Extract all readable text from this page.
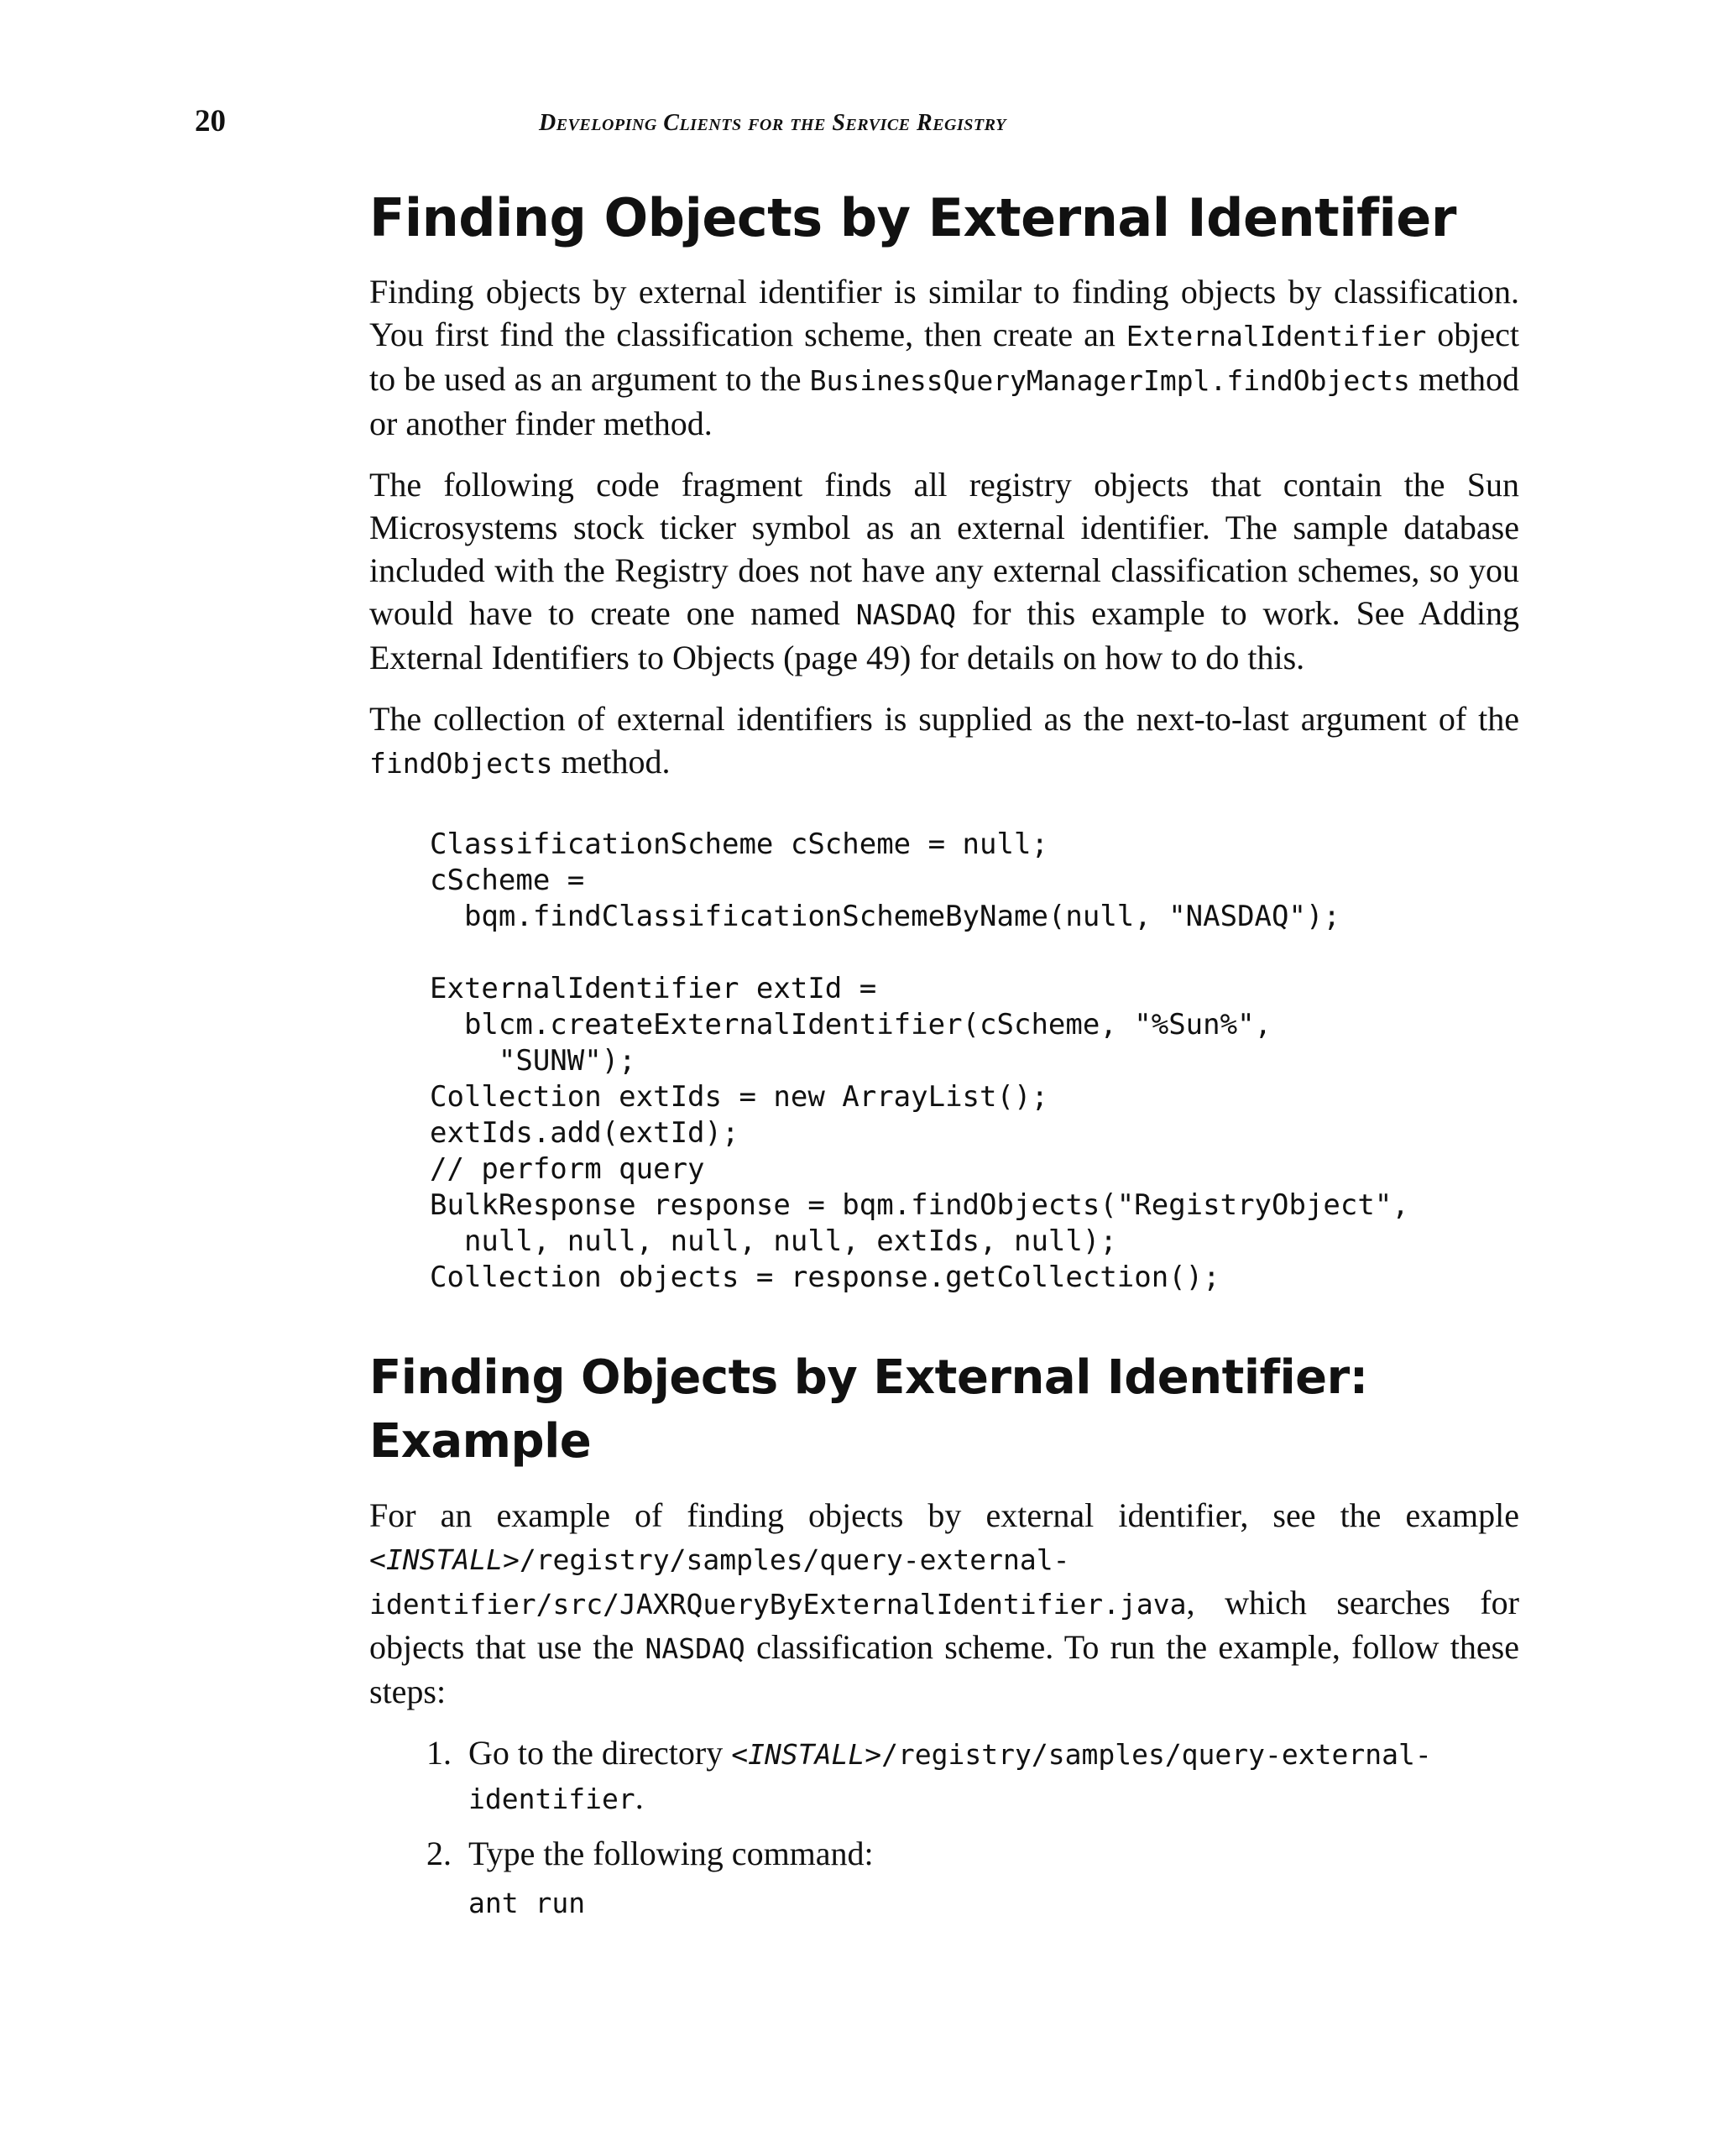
20	Developing Clients for the Service Registry
Finding Objects by External Identifier

Finding objects by external identifier is similar to finding objects by classification. You first find the classification scheme, then create an ExternalIdentifier object to be used as an argument to the BusinessQueryManagerImpl.findObjects method or another finder method.

The following code fragment finds all registry objects that contain the Sun Microsystems stock ticker symbol as an external identifier. The sample database included with the Registry does not have any external classification schemes, so you would have to create one named NASDAQ for this example to work. See Adding External Identifiers to Objects (page 49) for details on how to do this.

The collection of external identifiers is supplied as the next-to-last argument of the findObjects method.

ClassificationScheme cScheme = null;
cScheme =
bqm.findClassificationSchemeByName(null, "NASDAQ");
ExternalIdentifier extId =
blcm.createExternalIdentifier(cScheme, "%Sun%",
"SUNW");
Collection extIds = new ArrayList();
extIds.add(extId);
// perform query
BulkResponse response = bqm.findObjects("RegistryObject",
null, null, null, null, extIds, null);
Collection objects = response.getCollection();
Finding Objects by External Identifier: Example

For an example of finding objects by external identifier, see the example <INSTALL>/registry/samples/query-external-identifier/src/JAXRQueryByExternalIdentifier.java, which searches for objects that use the NASDAQ classification scheme. To run the example, follow these steps:

1. Go to the directory <INSTALL>/registry/samples/query-external-identifier.
2. Type the following command:
ant run
